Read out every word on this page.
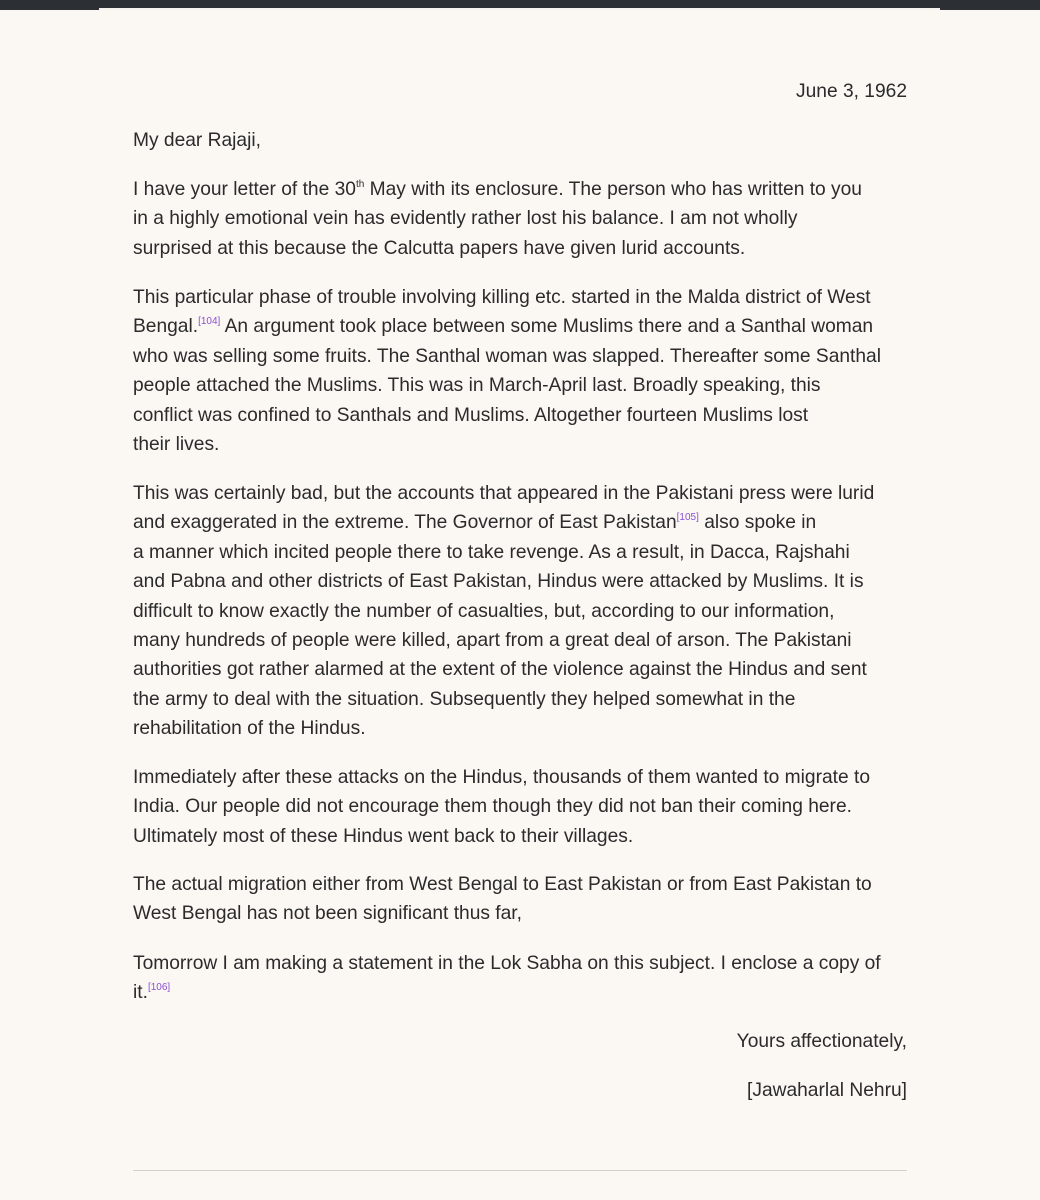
June 3, 1962
My dear Rajaji,
I have your letter of the 30th May with its enclosure. The person who has written to you
in a highly emotional vein has evidently rather lost his balance. I am not wholly
surprised at this because the Calcutta papers have given lurid accounts.
This particular phase of trouble involving killing etc. started in the Malda district of West
Bengal.[104] An argument took place between some Muslims there and a Santhal woman
who was selling some fruits. The Santhal woman was slapped. Thereafter some Santhal
people attached the Muslims. This was in March-April last. Broadly speaking, this
conflict was confined to Santhals and Muslims. Altogether fourteen Muslims lost
their lives.
This was certainly bad, but the accounts that appeared in the Pakistani press were lurid
and exaggerated in the extreme. The Governor of East Pakistan[105] also spoke in
a manner which incited people there to take revenge. As a result, in Dacca, Rajshahi
and Pabna and other districts of East Pakistan, Hindus were attacked by Muslims. It is
difficult to know exactly the number of casualties, but, according to our information,
many hundreds of people were killed, apart from a great deal of arson. The Pakistani
authorities got rather alarmed at the extent of the violence against the Hindus and sent
the army to deal with the situation. Subsequently they helped somewhat in the
rehabilitation of the Hindus.
Immediately after these attacks on the Hindus, thousands of them wanted to migrate to
India. Our people did not encourage them though they did not ban their coming here.
Ultimately most of these Hindus went back to their villages.
The actual migration either from West Bengal to East Pakistan or from East Pakistan to
West Bengal has not been significant thus far,
Tomorrow I am making a statement in the Lok Sabha on this subject. I enclose a copy of
it.[106]
Yours affectionately,
[Jawaharlal Nehru]
